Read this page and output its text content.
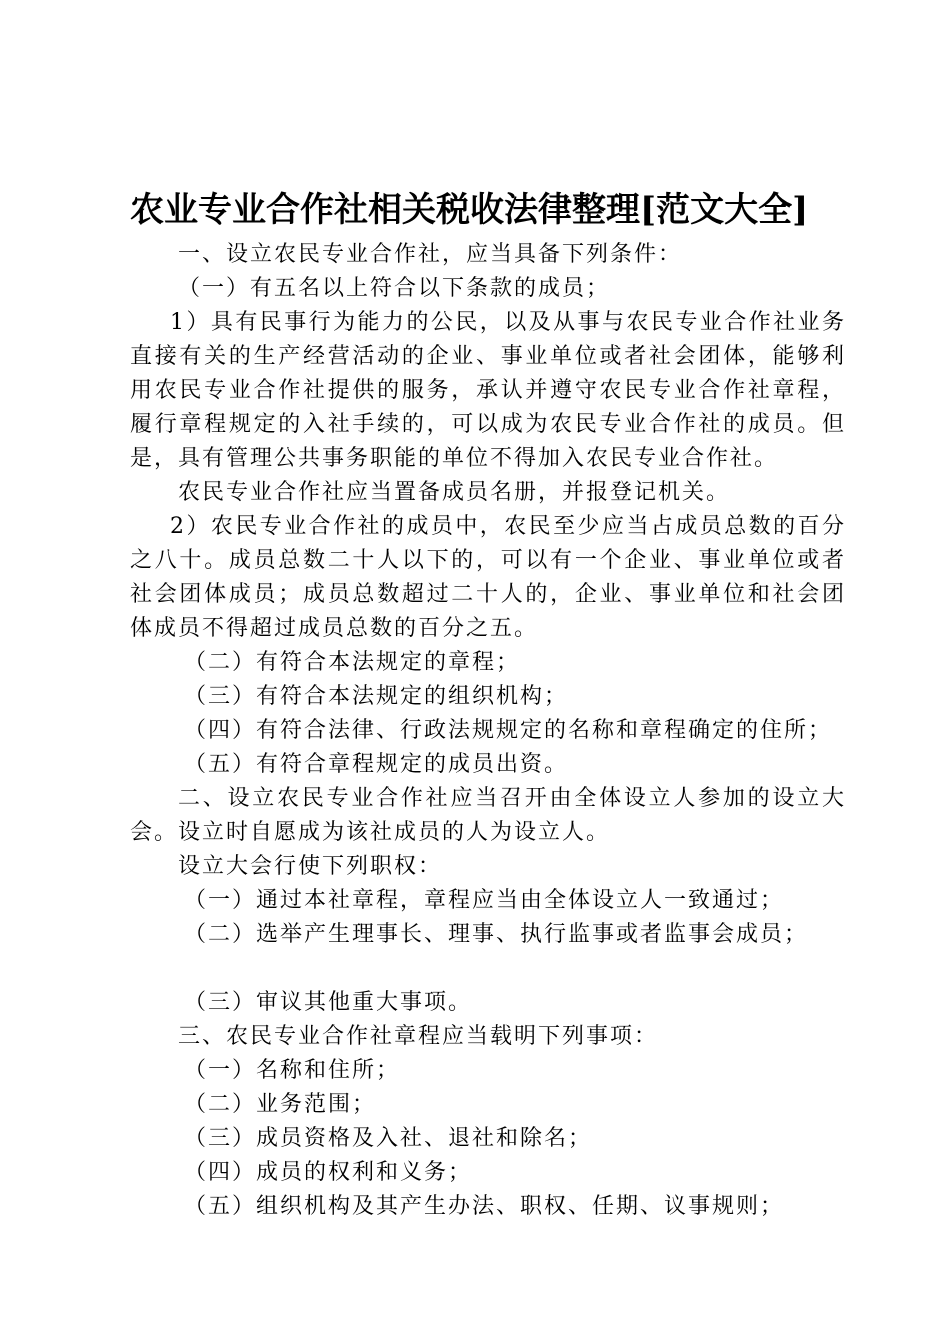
农业专业合作社相关税收法律整理[范文大全]

一、设立农民专业合作社，应当具备下列条件：

（一）有五名以上符合以下条款的成员；

1）具有民事行为能力的公民，以及从事与农民专业合作社业务直接有关的生产经营活动的企业、事业单位或者社会团体，能够利用农民专业合作社提供的服务，承认并遵守农民专业合作社章程，履行章程规定的入社手续的，可以成为农民专业合作社的成员。但是，具有管理公共事务职能的单位不得加入农民专业合作社。

农民专业合作社应当置备成员名册，并报登记机关。

2）农民专业合作社的成员中，农民至少应当占成员总数的百分之八十。成员总数二十人以下的，可以有一个企业、事业单位或者社会团体成员；成员总数超过二十人的，企业、事业单位和社会团体成员不得超过成员总数的百分之五。

（二）有符合本法规定的章程；

（三）有符合本法规定的组织机构；

（四）有符合法律、行政法规规定的名称和章程确定的住所；

（五）有符合章程规定的成员出资。

二、设立农民专业合作社应当召开由全体设立人参加的设立大会。设立时自愿成为该社成员的人为设立人。

设立大会行使下列职权：

（一）通过本社章程，章程应当由全体设立人一致通过；

（二）选举产生理事长、理事、执行监事或者监事会成员；

（三）审议其他重大事项。

三、农民专业合作社章程应当载明下列事项：

（一）名称和住所；

（二）业务范围；

（三）成员资格及入社、退社和除名；

（四）成员的权利和义务；

（五）组织机构及其产生办法、职权、任期、议事规则；
